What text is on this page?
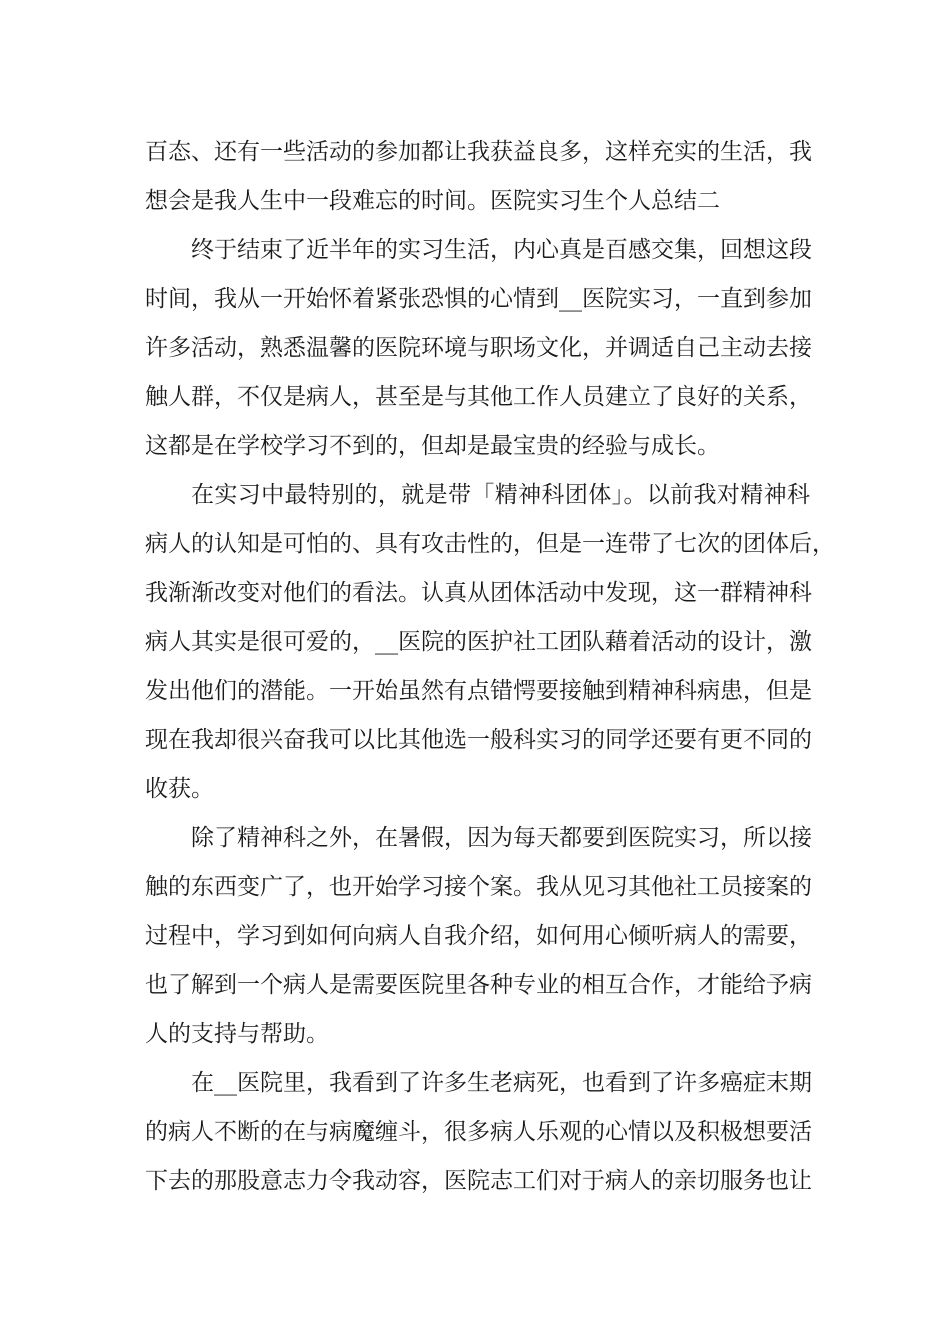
百态、还有一些活动的参加都让我获益良多，这样充实的生活，我
想会是我人生中一段难忘的时间。医院实习生个人总结二
终于结束了近半年的实习生活，内心真是百感交集，回想这段
时间，我从一开始怀着紧张恐惧的心情到__医院实习，一直到参加
许多活动，熟悉温馨的医院环境与职场文化，并调适自己主动去接
触人群，不仅是病人，甚至是与其他工作人员建立了良好的关系，
这都是在学校学习不到的，但却是最宝贵的经验与成长。
在实习中最特别的，就是带「精神科团体」。以前我对精神科
病人的认知是可怕的、具有攻击性的，但是一连带了七次的团体后，
我渐渐改变对他们的看法。认真从团体活动中发现，这一群精神科
病人其实是很可爱的，__医院的医护社工团队藉着活动的设计，激
发出他们的潜能。一开始虽然有点错愕要接触到精神科病患，但是
现在我却很兴奋我可以比其他选一般科实习的同学还要有更不同的
收获。
除了精神科之外，在暑假，因为每天都要到医院实习，所以接
触的东西变广了，也开始学习接个案。我从见习其他社工员接案的
过程中，学习到如何向病人自我介绍，如何用心倾听病人的需要，
也了解到一个病人是需要医院里各种专业的相互合作，才能给予病
人的支持与帮助。
在__医院里，我看到了许多生老病死，也看到了许多癌症末期
的病人不断的在与病魔缠斗，很多病人乐观的心情以及积极想要活
下去的那股意志力令我动容，医院志工们对于病人的亲切服务也让
